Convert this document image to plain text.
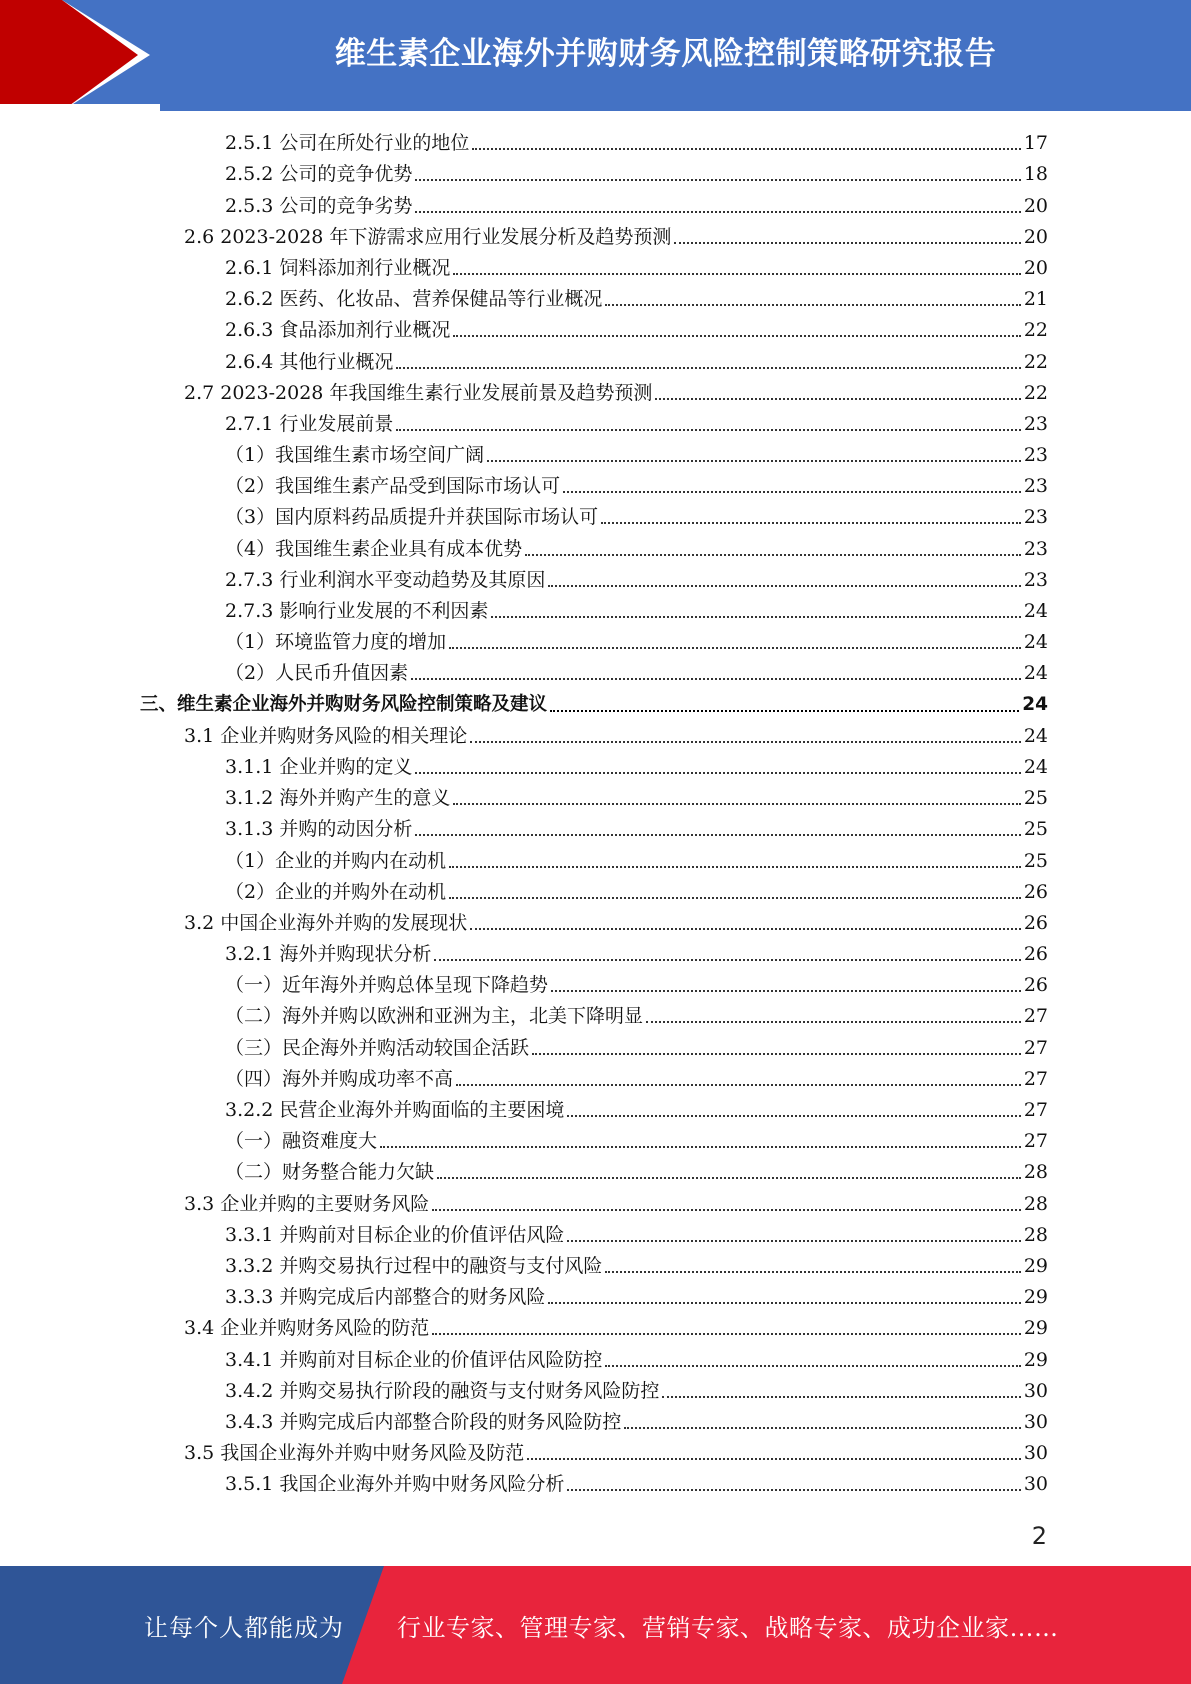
维生素企业海外并购财务风险控制策略研究报告
2.5.1 公司在所处行业的地位	17
2.5.2 公司的竞争优势	18
2.5.3 公司的竞争劣势	20
2.6 2023-2028 年下游需求应用行业发展分析及趋势预测	20
2.6.1 饲料添加剂行业概况	20
2.6.2 医药、化妆品、营养保健品等行业概况	21
2.6.3 食品添加剂行业概况	22
2.6.4 其他行业概况	22
2.7 2023-2028 年我国维生素行业发展前景及趋势预测	22
2.7.1 行业发展前景	23
（1）我国维生素市场空间广阔	23
（2）我国维生素产品受到国际市场认可	23
（3）国内原料药品质提升并获国际市场认可	23
（4）我国维生素企业具有成本优势	23
2.7.3 行业利润水平变动趋势及其原因	23
2.7.3 影响行业发展的不利因素	24
（1）环境监管力度的增加	24
（2）人民币升值因素	24
三、维生素企业海外并购财务风险控制策略及建议	24
3.1 企业并购财务风险的相关理论	24
3.1.1 企业并购的定义	24
3.1.2 海外并购产生的意义	25
3.1.3 并购的动因分析	25
（1）企业的并购内在动机	25
（2）企业的并购外在动机	26
3.2 中国企业海外并购的发展现状	26
3.2.1 海外并购现状分析	26
（一）近年海外并购总体呈现下降趋势	26
（二）海外并购以欧洲和亚洲为主，北美下降明显	27
（三）民企海外并购活动较国企活跃	27
（四）海外并购成功率不高	27
3.2.2 民营企业海外并购面临的主要困境	27
（一）融资难度大	27
（二）财务整合能力欠缺	28
3.3 企业并购的主要财务风险	28
3.3.1 并购前对目标企业的价值评估风险	28
3.3.2 并购交易执行过程中的融资与支付风险	29
3.3.3 并购完成后内部整合的财务风险	29
3.4 企业并购财务风险的防范	29
3.4.1 并购前对目标企业的价值评估风险防控	29
3.4.2 并购交易执行阶段的融资与支付财务风险防控	30
3.4.3 并购完成后内部整合阶段的财务风险防控	30
3.5 我国企业海外并购中财务风险及防范	30
3.5.1 我国企业海外并购中财务风险分析	30
2
让每个人都能成为 行业专家、管理专家、营销专家、战略专家、成功企业家……
